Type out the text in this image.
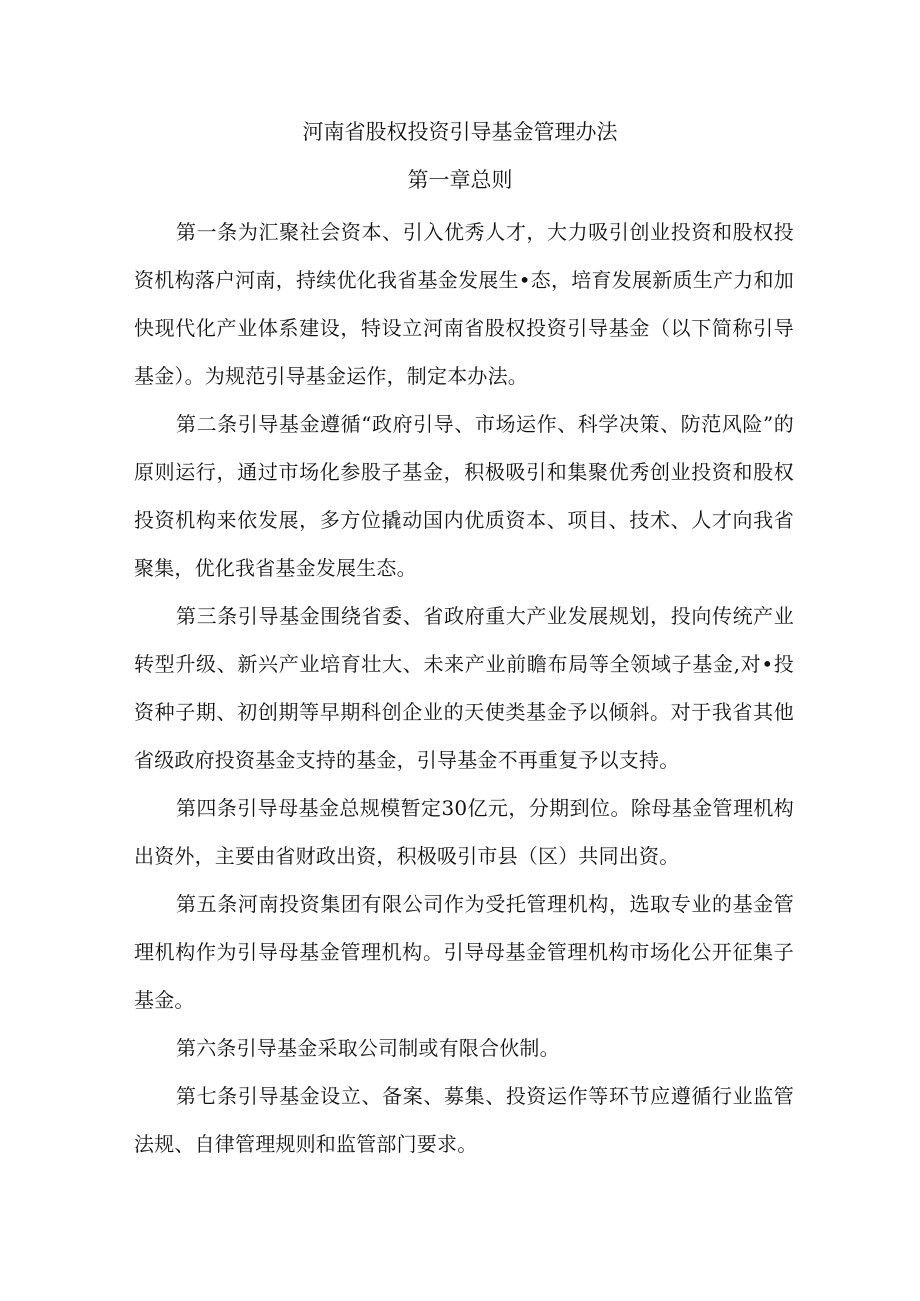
河南省股权投资引导基金管理办法
第一章总则

第一条为汇聚社会资本、引入优秀人才，大力吸引创业投资和股权投资机构落户河南，持续优化我省基金发展生•态，培育发展新质生产力和加快现代化产业体系建设，特设立河南省股权投资引导基金（以下简称引导基金）。为规范引导基金运作，制定本办法。

第二条引导基金遵循“政府引导、市场运作、科学决策、防范风险”的原则运行，通过市场化参股子基金，积极吸引和集聚优秀创业投资和股权投资机构来依发展，多方位撬动国内优质资本、项目、技术、人才向我省聚集，优化我省基金发展生态。

第三条引导基金围绕省委、省政府重大产业发展规划，投向传统产业转型升级、新兴产业培育壮大、未来产业前瞻布局等全领域子基金,对•投资种子期、初创期等早期科创企业的天使类基金予以倾斜。对于我省其他省级政府投资基金支持的基金，引导基金不再重复予以支持。

第四条引导母基金总规模暂定30亿元，分期到位。除母基金管理机构出资外，主要由省财政出资，积极吸引市县（区）共同出资。

第五条河南投资集团有限公司作为受托管理机构，选取专业的基金管理机构作为引导母基金管理机构。引导母基金管理机构市场化公开征集子基金。

第六条引导基金采取公司制或有限合伙制。

第七条引导基金设立、备案、募集、投资运作等环节应遵循行业监管法规、自律管理规则和监管部门要求。
